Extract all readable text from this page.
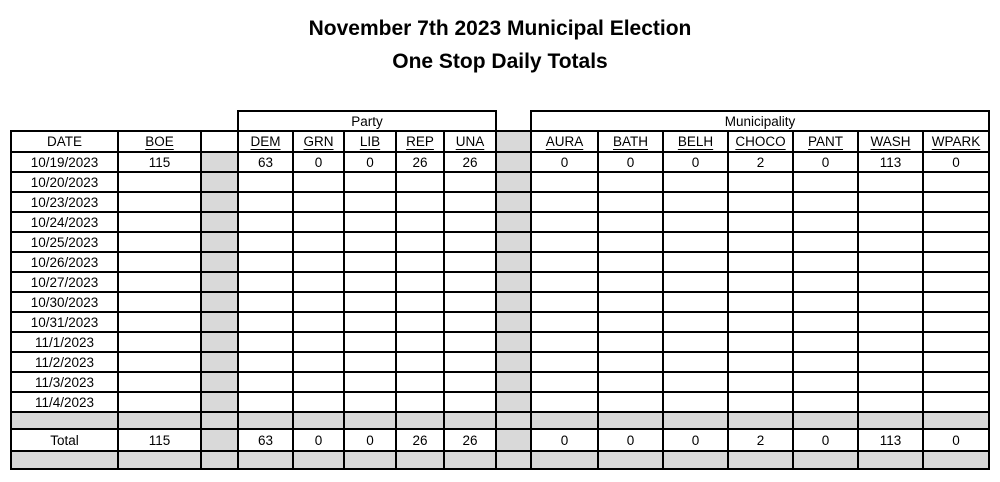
November 7th 2023 Municipal Election
One Stop Daily Totals
			Party						Municipality						
DATE	BOE		DEM	GRN	LIB	REP	UNA		AURA	BATH	BELH	CHOCO	PANT	WASH	WPARK
10/19/2023	115		63	0	0	26	26		0	0	0	2	0	113	0
10/20/2023															
10/23/2023															
10/24/2023															
10/25/2023															
10/26/2023															
10/27/2023															
10/30/2023															
10/31/2023															
11/1/2023															
11/2/2023															
11/3/2023															
11/4/2023															

Total	115		63	0	0	26	26		0	0	0	2	0	113	0
